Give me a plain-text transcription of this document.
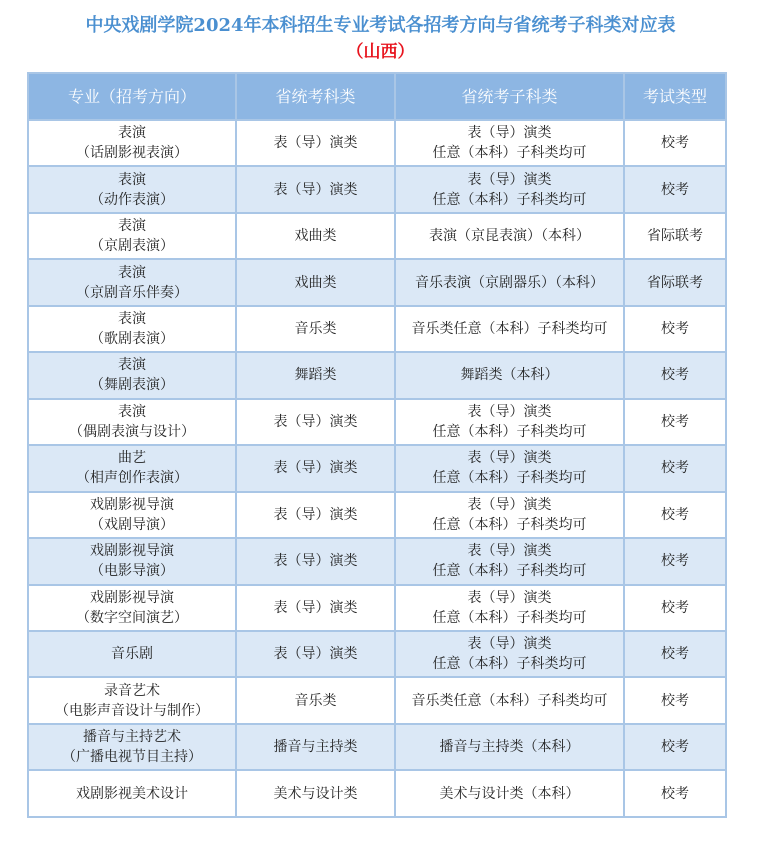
中央戏剧学院2024年本科招生专业考试各招考方向与省统考子科类对应表
（山西）
专业（招考方向）	省统考科类	省统考子科类	考试类型

表演
（话剧影视表演）	表（导）演类	表（导）演类
任意（本科）子科类均可	校考

表演
（动作表演）	表（导）演类	表（导）演类
任意（本科）子科类均可	校考

表演
（京剧表演）	戏曲类	表演（京昆表演）（本科）	省际联考

表演
（京剧音乐伴奏）	戏曲类	音乐表演（京剧器乐）（本科）	省际联考

表演
（歌剧表演）	音乐类	音乐类任意（本科）子科类均可	校考

表演
（舞剧表演）	舞蹈类	舞蹈类（本科）	校考

表演
（偶剧表演与设计）	表（导）演类	表（导）演类
任意（本科）子科类均可	校考

曲艺
（相声创作表演）	表（导）演类	表（导）演类
任意（本科）子科类均可	校考

戏剧影视导演
（戏剧导演）	表（导）演类	表（导）演类
任意（本科）子科类均可	校考

戏剧影视导演
（电影导演）	表（导）演类	表（导）演类
任意（本科）子科类均可	校考

戏剧影视导演
（数字空间演艺）	表（导）演类	表（导）演类
任意（本科）子科类均可	校考

音乐剧	表（导）演类	表（导）演类
任意（本科）子科类均可	校考

录音艺术
（电影声音设计与制作）	音乐类	音乐类任意（本科）子科类均可	校考

播音与主持艺术
（广播电视节目主持）	播音与主持类	播音与主持类（本科）	校考

戏剧影视美术设计	美术与设计类	美术与设计类（本科）	校考
